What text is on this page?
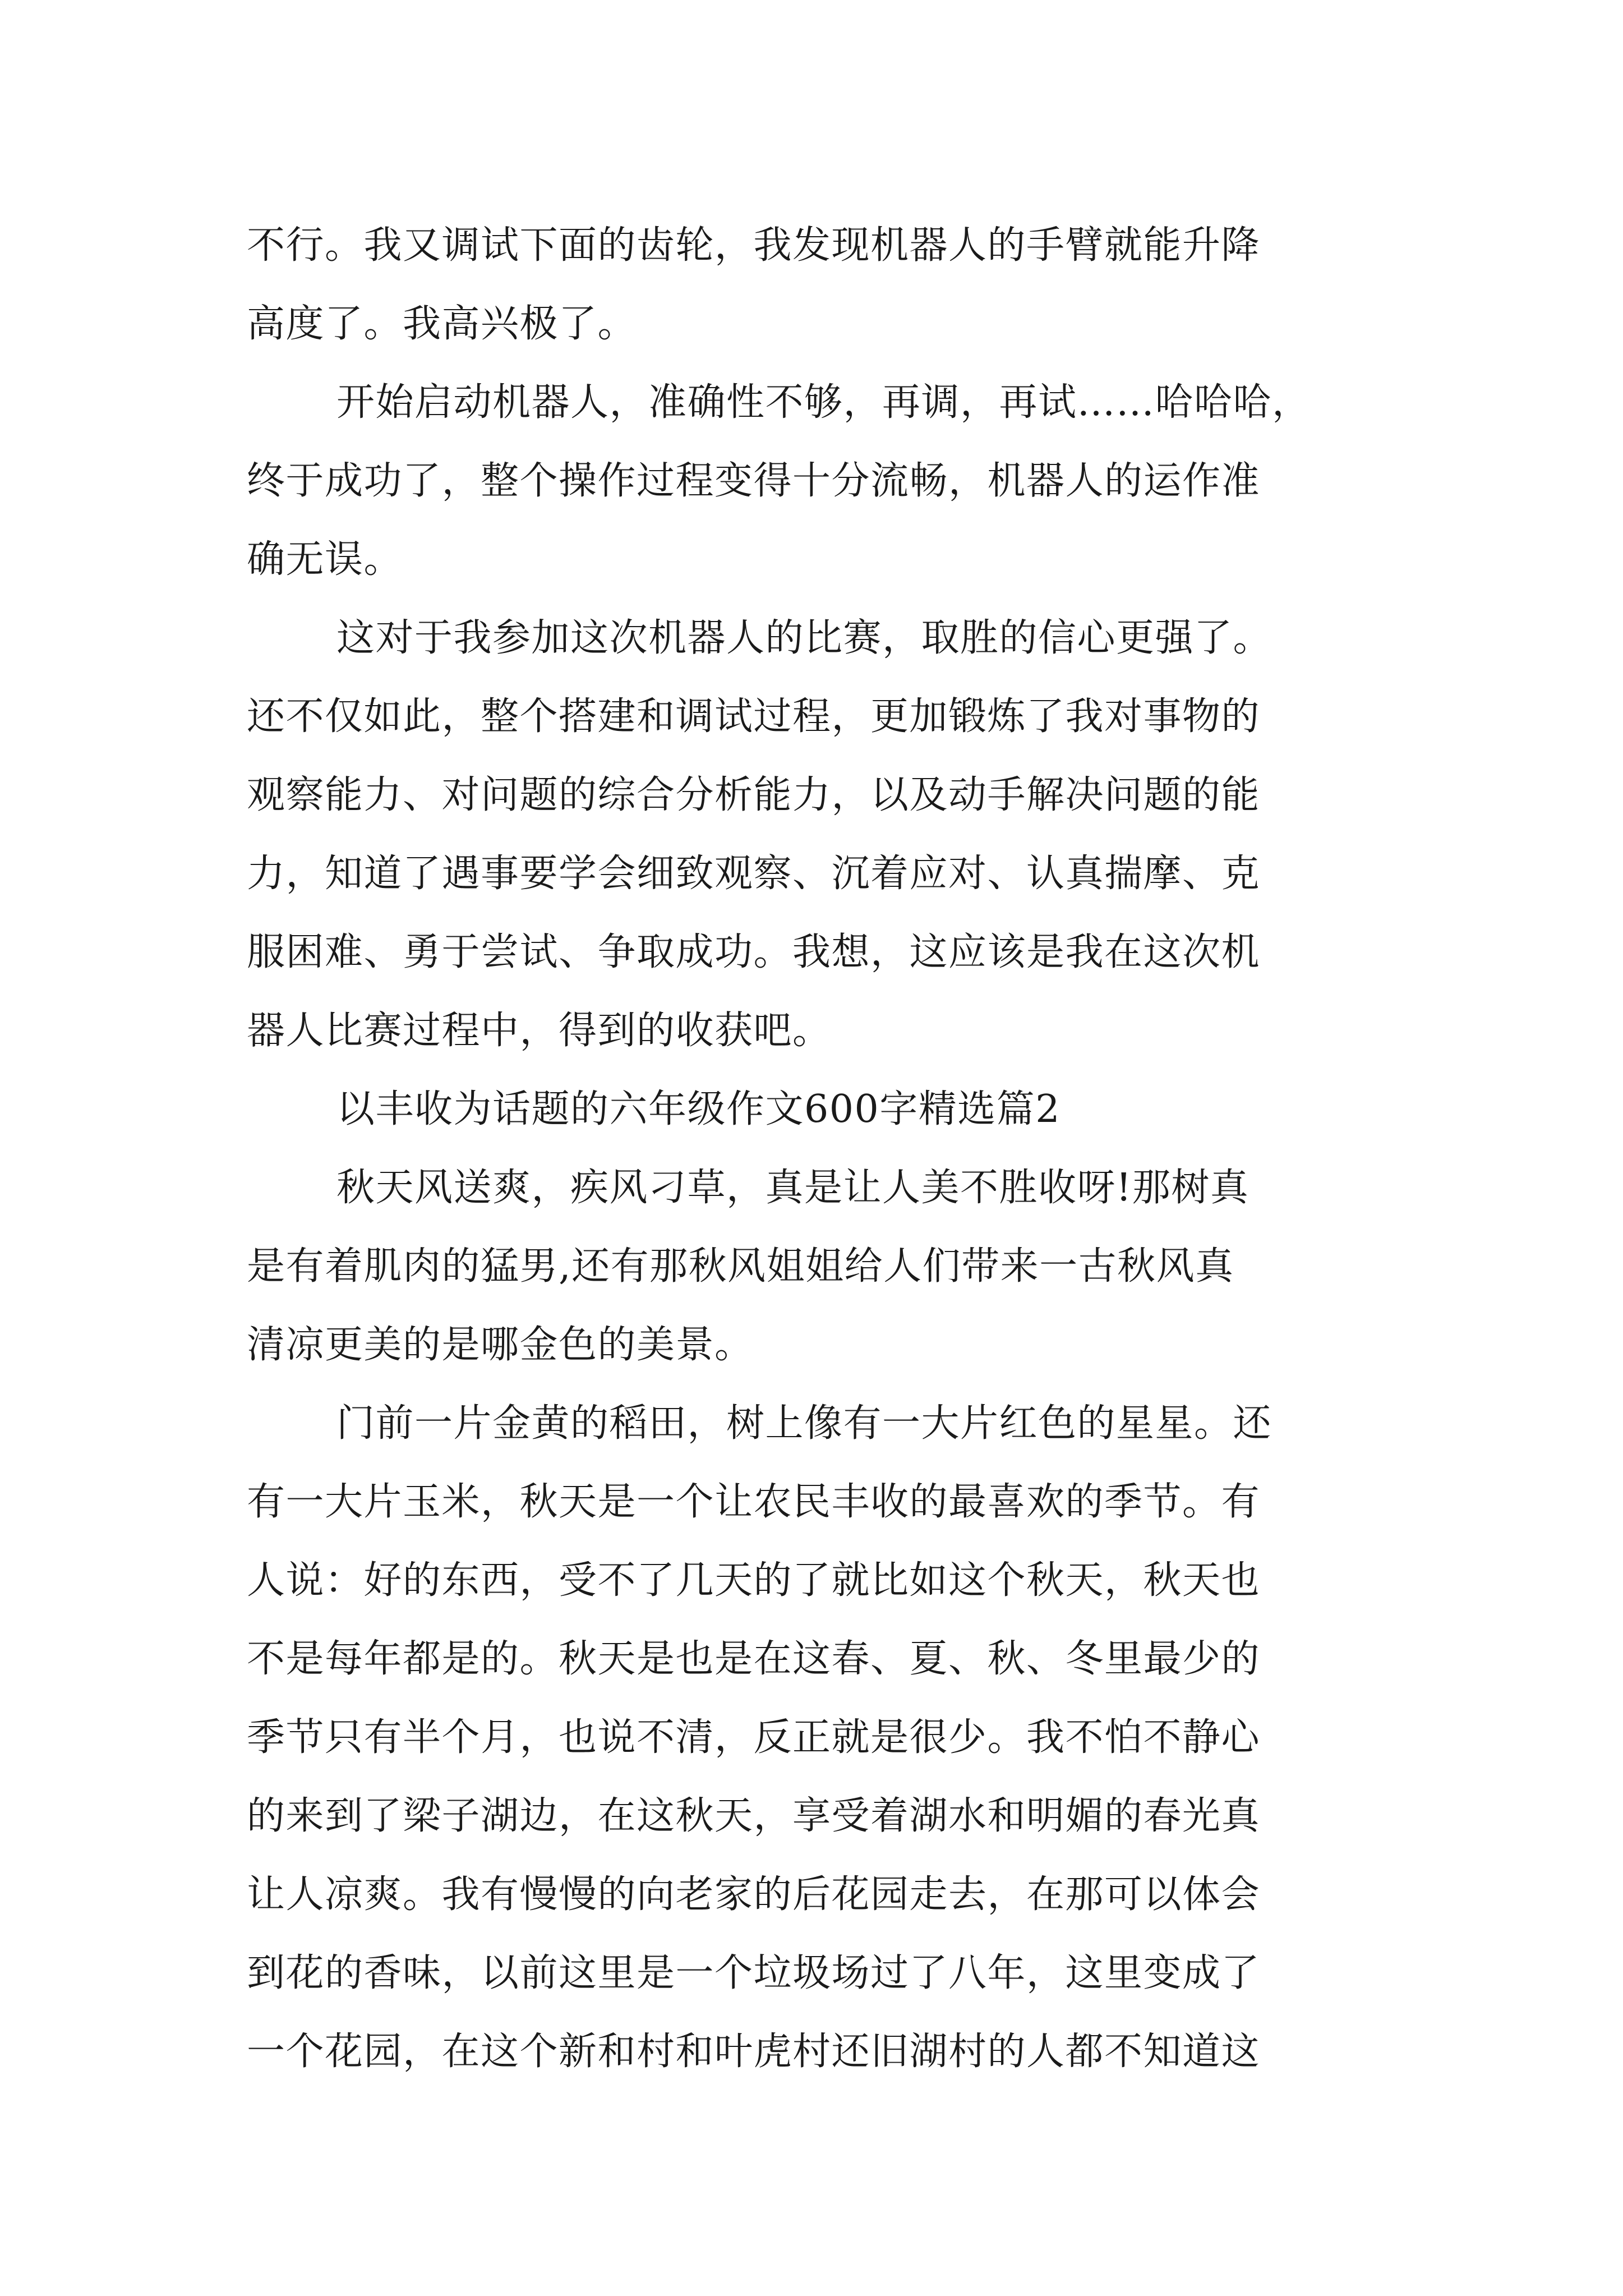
不行。我又调试下面的齿轮，我发现机器人的手臂就能升降
高度了。我高兴极了。
开始启动机器人，准确性不够，再调，再试……哈哈哈，
终于成功了，整个操作过程变得十分流畅，机器人的运作准
确无误。
这对于我参加这次机器人的比赛，取胜的信心更强了。
还不仅如此，整个搭建和调试过程，更加锻炼了我对事物的
观察能力、对问题的综合分析能力，以及动手解决问题的能
力，知道了遇事要学会细致观察、沉着应对、认真揣摩、克
服困难、勇于尝试、争取成功。我想，这应该是我在这次机
器人比赛过程中，得到的收获吧。
以丰收为话题的六年级作文600字精选篇2
秋天风送爽，疾风刁草，真是让人美不胜收呀!那树真
是有着肌肉的猛男,还有那秋风姐姐给人们带来一古秋风真
清凉更美的是哪金色的美景。
门前一片金黄的稻田，树上像有一大片红色的星星。还
有一大片玉米，秋天是一个让农民丰收的最喜欢的季节。有
人说：好的东西，受不了几天的了就比如这个秋天，秋天也
不是每年都是的。秋天是也是在这春、夏、秋、冬里最少的
季节只有半个月，也说不清，反正就是很少。我不怕不静心
的来到了梁子湖边，在这秋天，享受着湖水和明媚的春光真
让人凉爽。我有慢慢的向老家的后花园走去，在那可以体会
到花的香味，以前这里是一个垃圾场过了八年，这里变成了
一个花园，在这个新和村和叶虎村还旧湖村的人都不知道这
